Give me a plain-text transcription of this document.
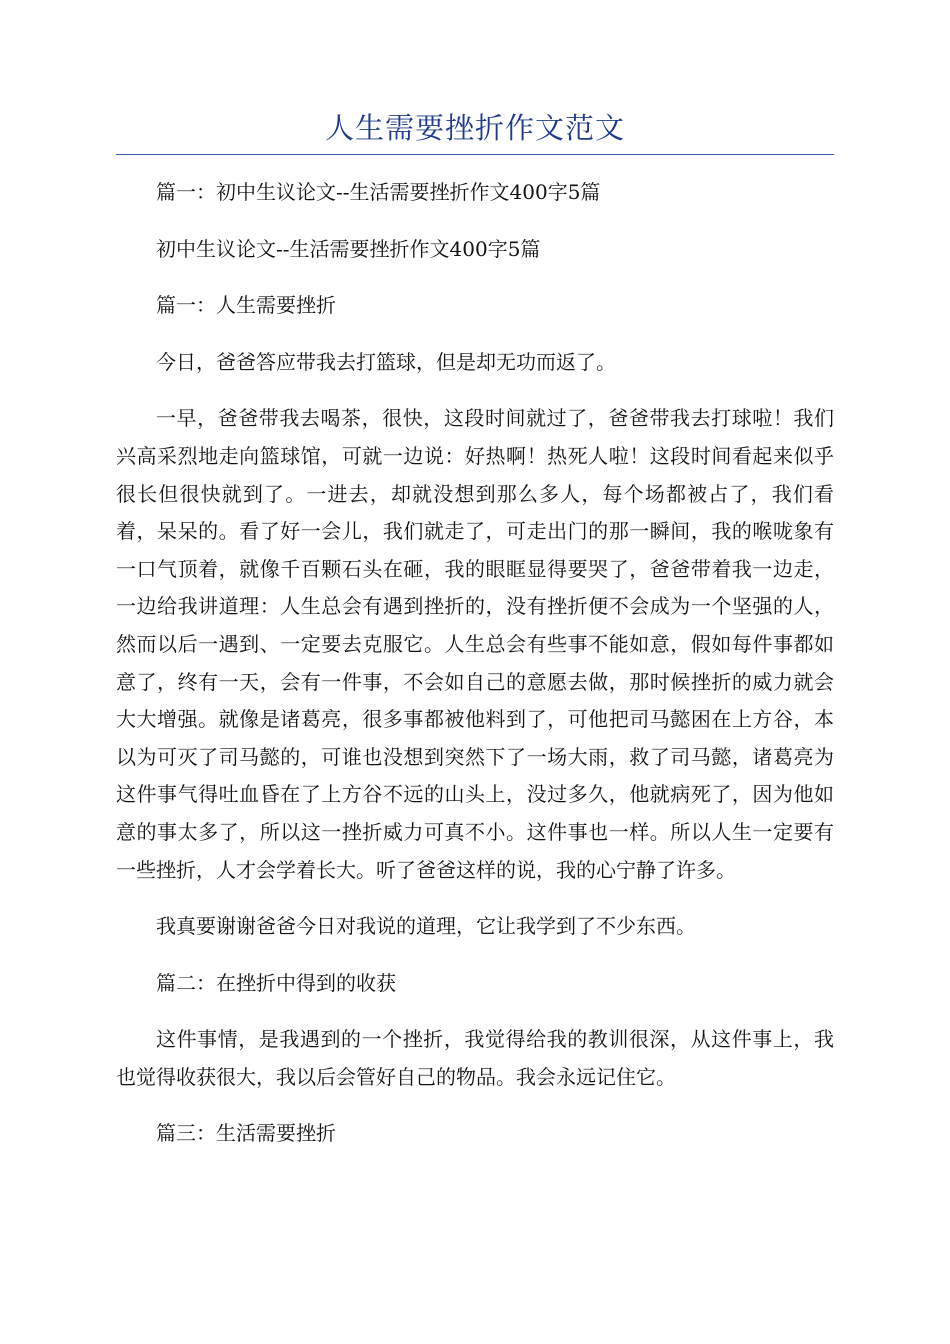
人生需要挫折作文范文

篇一：初中生议论文--生活需要挫折作文400字5篇

初中生议论文--生活需要挫折作文400字5篇

篇一：人生需要挫折

今日，爸爸答应带我去打篮球，但是却无功而返了。

一早，爸爸带我去喝茶，很快，这段时间就过了，爸爸带我去打球啦！我们兴高采烈地走向篮球馆，可就一边说：好热啊！热死人啦！这段时间看起来似乎很长但很快就到了。一进去，却就没想到那么多人，每个场都被占了，我们看着，呆呆的。看了好一会儿，我们就走了，可走出门的那一瞬间，我的喉咙象有一口气顶着，就像千百颗石头在砸，我的眼眶显得要哭了，爸爸带着我一边走，一边给我讲道理：人生总会有遇到挫折的，没有挫折便不会成为一个坚强的人，然而以后一遇到、一定要去克服它。人生总会有些事不能如意，假如每件事都如意了，终有一天，会有一件事，不会如自己的意愿去做，那时候挫折的威力就会大大增强。就像是诸葛亮，很多事都被他料到了，可他把司马懿困在上方谷，本以为可灭了司马懿的，可谁也没想到突然下了一场大雨，救了司马懿，诸葛亮为这件事气得吐血昏在了上方谷不远的山头上，没过多久，他就病死了，因为他如意的事太多了，所以这一挫折威力可真不小。这件事也一样。所以人生一定要有一些挫折，人才会学着长大。听了爸爸这样的说，我的心宁静了许多。

我真要谢谢爸爸今日对我说的道理，它让我学到了不少东西。

篇二：在挫折中得到的收获

这件事情，是我遇到的一个挫折，我觉得给我的教训很深，从这件事上，我也觉得收获很大，我以后会管好自己的物品。我会永远记住它。

篇三：生活需要挫折
